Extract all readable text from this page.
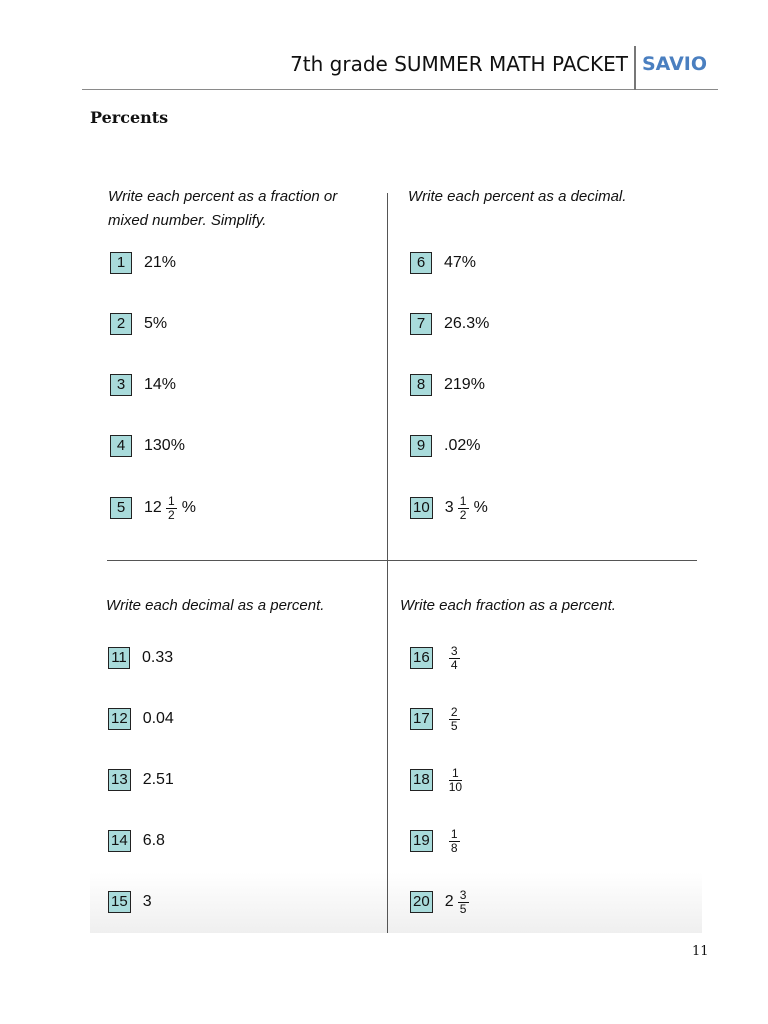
7th grade SUMMER MATH PACKET SAVIO
Percents
Write each percent as a fraction or
mixed number. Simplify.
1	21%
2	5%
3	14%
4	130%
5	$12 \frac{1}{2}$ %
Write each percent as a decimal.
6	47%
7	26.3%
8	219%
9	.02%
10 $3 \frac{1}{2}$ %
Write each decimal as a percent.
11 0.33
12 0.04
13 2.51
14 6.8
15 3
Write each fraction as a percent.
$16 \frac{3}{4}$
$17 \frac{2}{5}$
$18 \frac{1}{10}$
$19 \frac{1}{8}$
20 $2 \frac{3}{5}$
11
